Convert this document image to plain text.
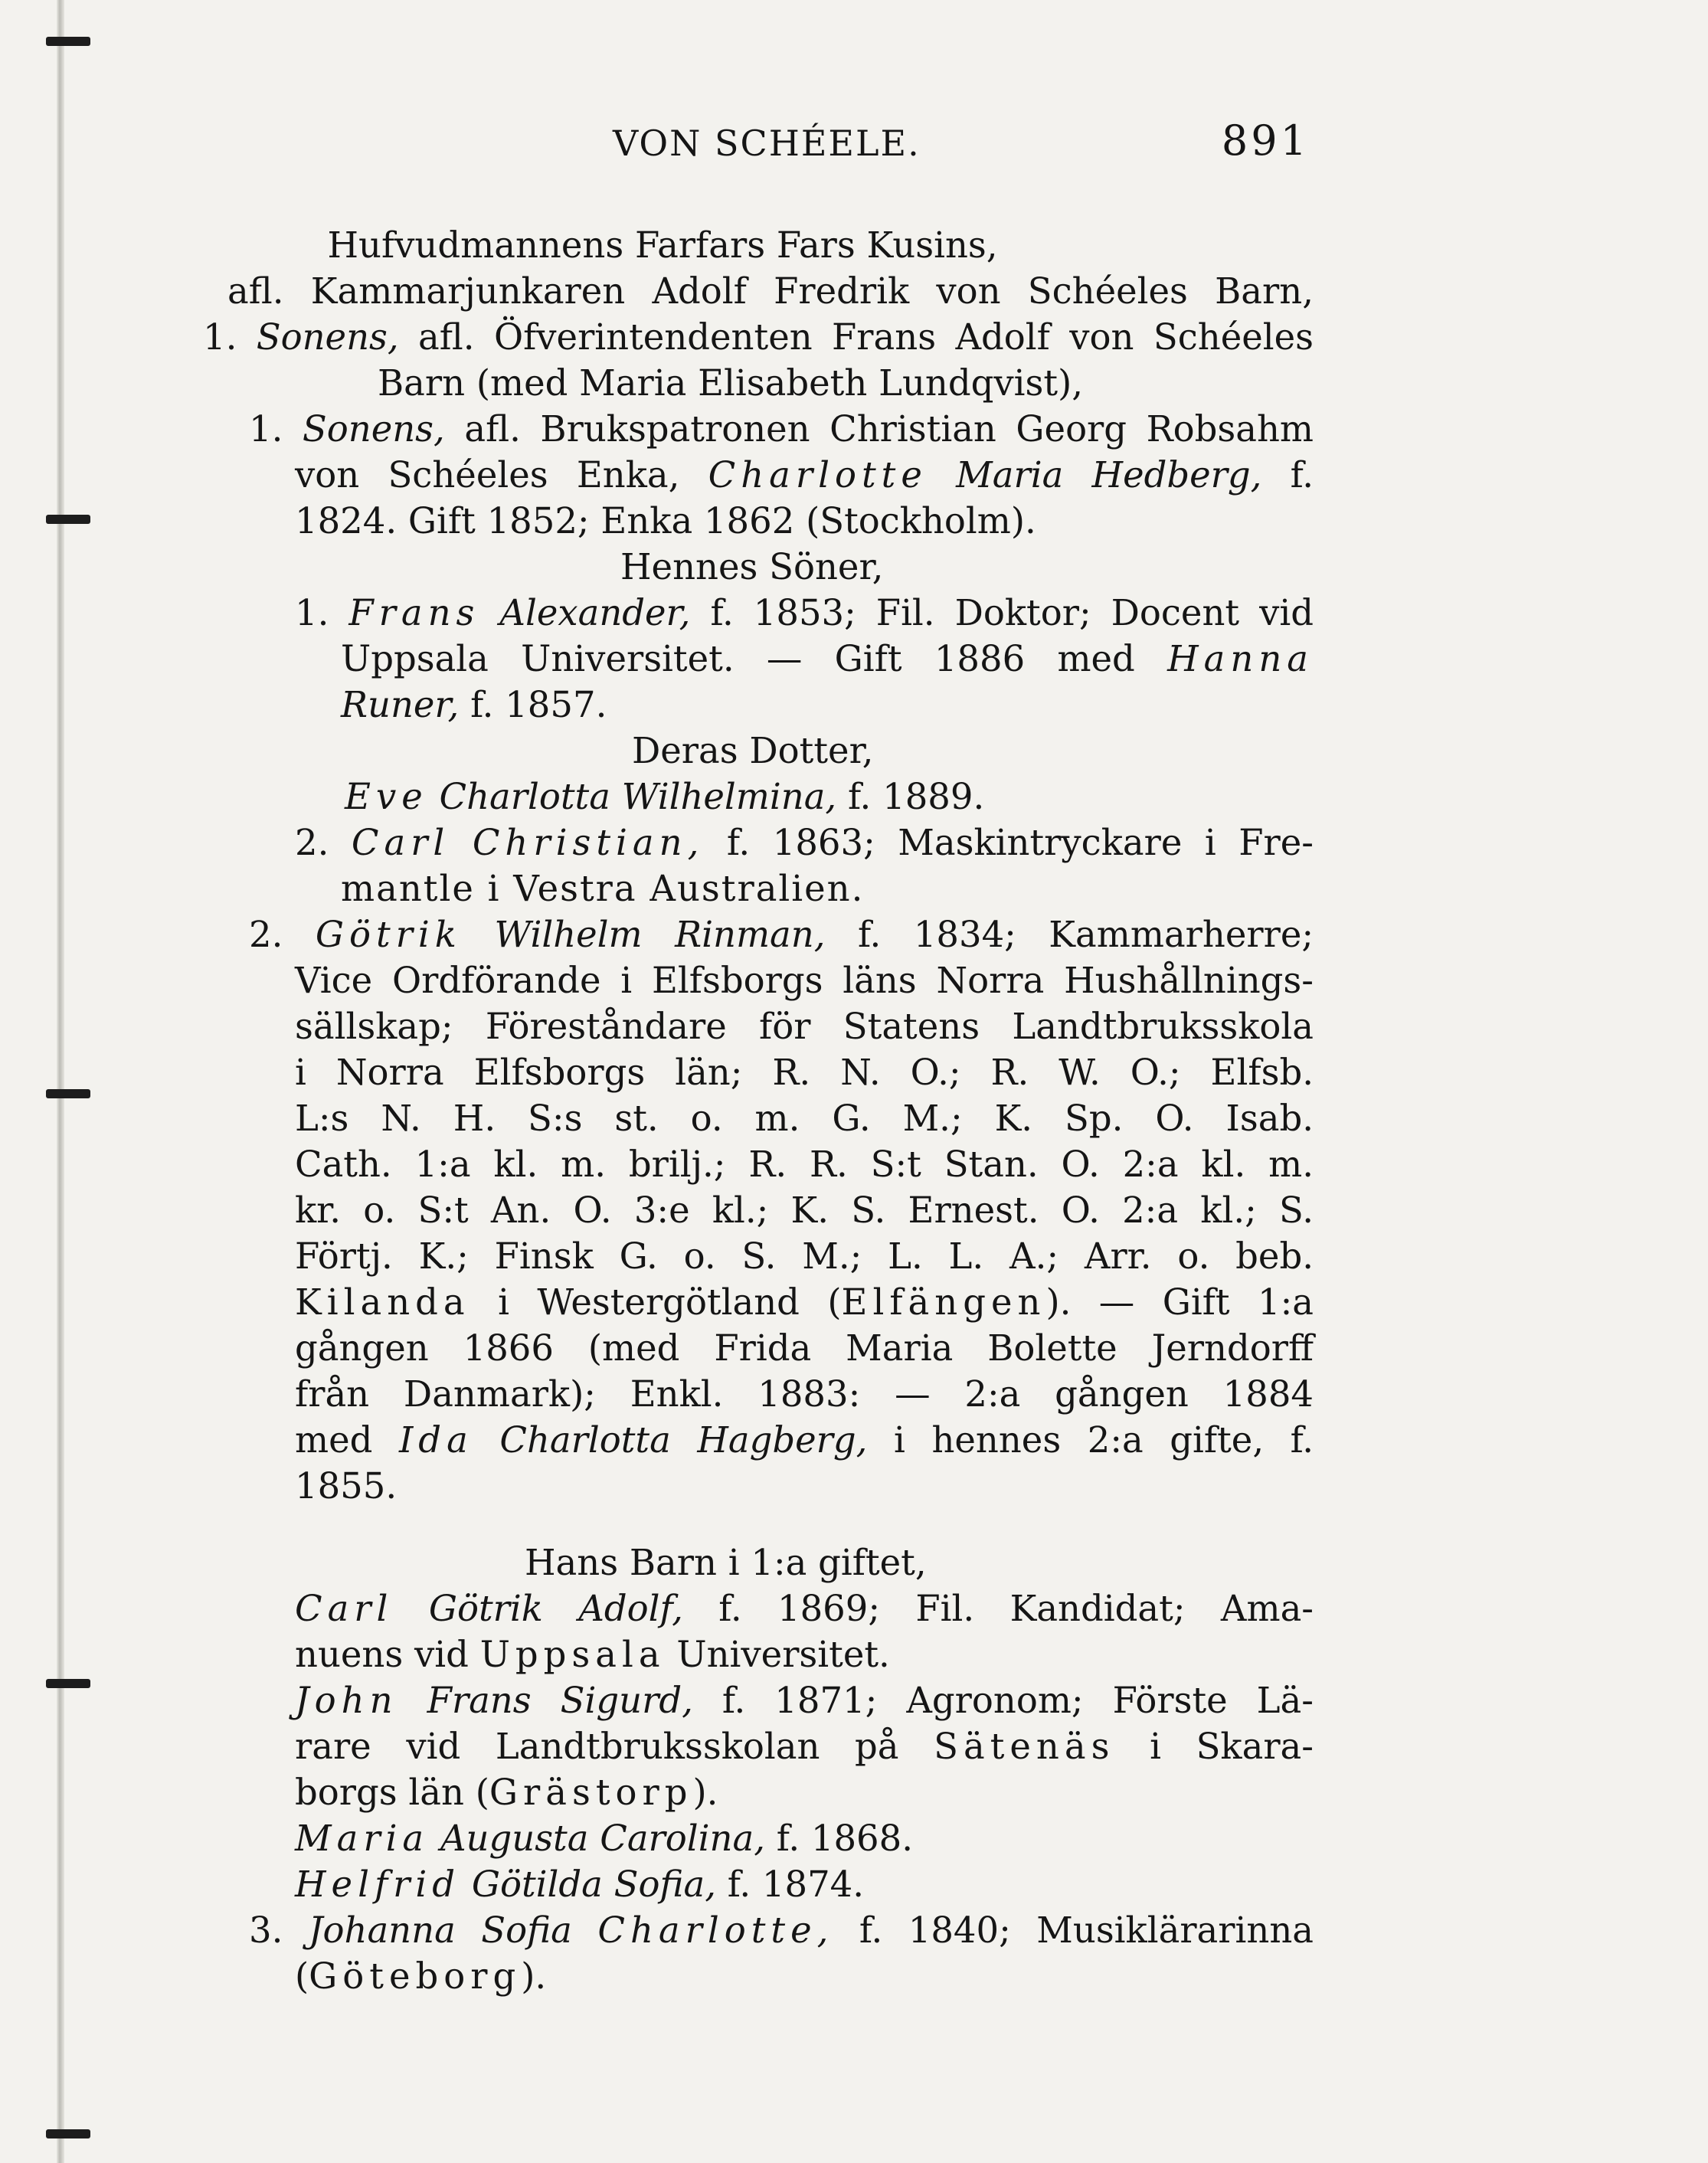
VON SCHÉELE.	891
Hufvudmannens Farfars Fars Kusins,
afl. Kammarjunkaren Adolf Fredrik von Schéeles Barn,
1. Sonens, afl. Öfverintendenten Frans Adolf von Schéeles
Barn (med Maria Elisabeth Lundqvist),
1. Sonens, afl. Brukspatronen Christian Georg Robsahm
von Schéeles Enka, Charlotte Maria Hedberg, f.
1824. Gift 1852; Enka 1862 (Stockholm).
Hennes Söner,
1. Frans Alexander, f. 1853; Fil. Doktor; Docent vid
Uppsala Universitet. — Gift 1886 med Hanna
Runer, f. 1857.
Deras Dotter,
Eve Charlotta Wilhelmina, f. 1889.
2. Carl Christian, f. 1863; Maskintryckare i Fre-
mantle i Vestra Australien.
2. Götrik Wilhelm Rinman, f. 1834; Kammarherre;
Vice Ordförande i Elfsborgs läns Norra Hushållnings-
sällskap; Föreståndare för Statens Landtbruksskola
i Norra Elfsborgs län; R. N. O.; R. W. O.; Elfsb.
L:s N. H. S:s st. o. m. G. M.; K. Sp. O. Isab.
Cath. 1:a kl. m. brilj.; R. R. S:t Stan. O. 2:a kl. m.
kr. o. S:t An. O. 3:e kl.; K. S. Ernest. O. 2:a kl.; S.
Förtj. K.; Finsk G. o. S. M.; L. L. A.; Arr. o. beb.
Kilanda i Westergötland (Elfängen). — Gift 1:a
gången 1866 (med Frida Maria Bolette Jerndorff
från Danmark); Enkl. 1883: — 2:a gången 1884
med Ida Charlotta Hagberg, i hennes 2:a gifte, f.
1855.
Hans Barn i 1:a giftet,
Carl Götrik Adolf, f. 1869; Fil. Kandidat; Ama-
nuens vid Uppsala Universitet.
John Frans Sigurd, f. 1871; Agronom; Förste Lä-
rare vid Landtbruksskolan på Sätenäs i Skara-
borgs län (Grästorp).
Maria Augusta Carolina, f. 1868.
Helfrid Götilda Sofia, f. 1874.
3. Johanna Sofia Charlotte, f. 1840; Musiklärarinna
(Göteborg).
